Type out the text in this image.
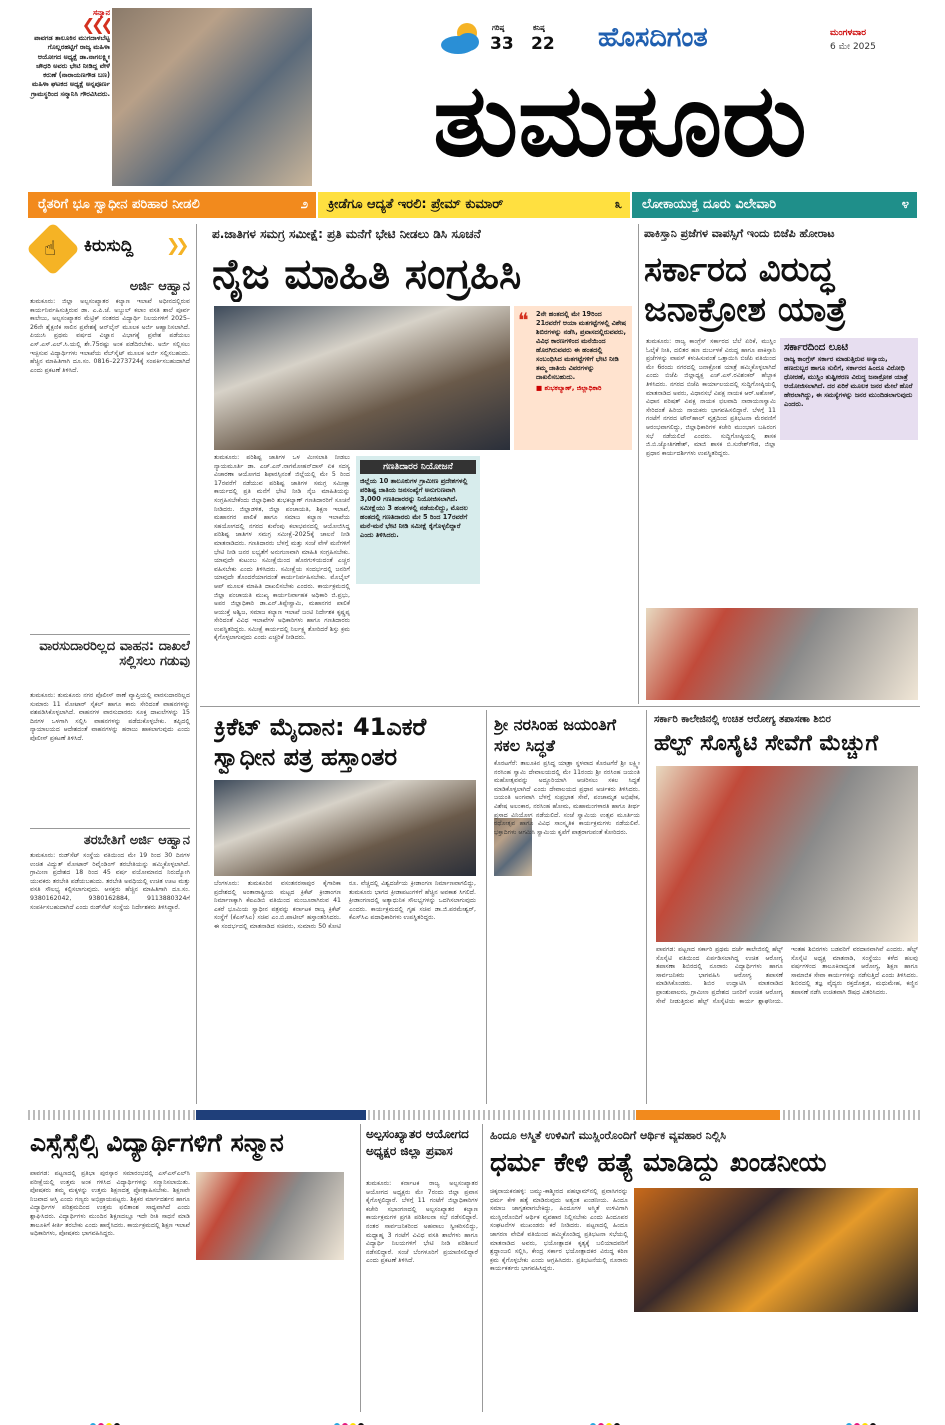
ಸನ್ಮಾನ
❮❮❮
ಪಾವಗಡ ತಾಲೂಕಿನ ಮುಗದಾಳಬೆಟ್ಟ ಗೊಲ್ಲರಹಟ್ಟಿಗೆ ರಾಜ್ಯ ಮಹಿಳಾ ಆಯೋಗದ ಅಧ್ಯಕ್ಷೆ ಡಾ.ನಾಗಲಕ್ಷ್ಮೀ ಚೌಧರಿ ಅವರು ಭೇಟಿ ನೀಡಿದ್ದ ವೇಳೆ ಕರುಣೆ (ನಾರಾಯಣಗೌಡ ಬಣ) ಮಹಿಳಾ ಘಟಕದ ಅಧ್ಯಕ್ಷೆ ಅನ್ನಪೂರ್ಣ ಗ್ರಾಮಸ್ಥರಿಂದ ಸನ್ಮಾನಿಸಿ ಗೌರವಿಸಿದರು.
ಗರಿಷ್ಠ
33
ಕನಿಷ್ಠ
22 ಹೊಸದಿಗಂತ	ಮಂಗಳವಾರ
6 ಮೇ 2025
ತುಮಕೂರು
ರೈತರಿಗೆ ಭೂ ಸ್ವಾಧೀನ ಪರಿಹಾರ ನೀಡಲಿ	೨	ಕ್ರೀಡೆಗೂ ಆದ್ಯತೆ ಇರಲಿ: ಪ್ರೇಮ್ ಕುಮಾರ್	೩	ಲೋಕಾಯುಕ್ತ ದೂರು ವಿಲೇವಾರಿ	೪
☝ ಕಿರುಸುದ್ದಿ ❯❯
ಅರ್ಜಿ ಆಹ್ವಾನ
ತುಮಕೂರು: ಜಿಲ್ಲಾ ಅಲ್ಪಸಂಖ್ಯಾತರ ಕಲ್ಯಾಣ ಇಲಾಖೆ ಅಧೀನದಲ್ಲಿರುವ ಕಾರ್ಯನಿರ್ವಹಿಸುತ್ತಿರುವ ಡಾ. ಎ.ಪಿ.ಜೆ. ಅಬ್ದುಲ್ ಕಲಾಂ ವಸತಿ ಶಾಲೆ ಪೂರ್ವ ಕಾಲೇಜು, ಅಲ್ಪಸಂಖ್ಯಾತರ ಮೆಟ್ರಿಕ್ ನಂತರದ ವಿದ್ಯಾರ್ಥಿ ನಿಲಯಗಳಿಗೆ 2025–26ನೇ ಶೈಕ್ಷಣಿಕ ಸಾಲಿನ ಪ್ರವೇಶಕ್ಕೆ ಆನ್‌ಲೈನ್ ಮೂಲಕ ಅರ್ಜಿ ಆಹ್ವಾನಿಸಲಾಗಿದೆ. ಪಿಯುಸಿ ಪ್ರಥಮ ವರ್ಷದ ವಿಜ್ಞಾನ ವಿಭಾಗಕ್ಕೆ ಪ್ರವೇಶ ಪಡೆಯಲು ಎಸ್.ಎಸ್.ಎಲ್.ಸಿ.ಯಲ್ಲಿ ಶೇ.75ರಷ್ಟು ಅಂಕ ಪಡೆದಿರಬೇಕು. ಅರ್ಜಿ ಸಲ್ಲಿಸಲು ಇಚ್ಛಿಸುವ ವಿದ್ಯಾರ್ಥಿಗಳು ಇಲಾಖೆಯ ವೆಬ್‌ಸೈಟ್ ಮೂಲಕ ಅರ್ಜಿ ಸಲ್ಲಿಸಬಹುದು. ಹೆಚ್ಚಿನ ಮಾಹಿತಿಗಾಗಿ ದೂ.ಸಂ. 0816–2273724ಕ್ಕೆ ಸಂಪರ್ಕಿಸಬಹುದಾಗಿದೆ ಎಂದು ಪ್ರಕಟಣೆ ತಿಳಿಸಿದೆ.
ವಾರಸುದಾರರಿಲ್ಲದ ವಾಹನ: ದಾಖಲೆ ಸಲ್ಲಿಸಲು ಗಡುವು
ತುಮಕೂರು: ತುಮಕೂರು ನಗರ ಪೊಲೀಸ್ ಠಾಣೆ ವ್ಯಾಪ್ತಿಯಲ್ಲಿ ವಾರಸುದಾರರಿಲ್ಲದ ಸುಮಾರು 11 ಮೋಟಾರ್ ಸೈಕಲ್ ಹಾಗೂ ಕಾರು ಸೇರಿದಂತೆ ವಾಹನಗಳನ್ನು ವಶಪಡಿಸಿಕೊಳ್ಳಲಾಗಿದೆ. ವಾಹನಗಳ ವಾರಸುದಾರರು ಸೂಕ್ತ ದಾಖಲೆಗಳನ್ನು 15 ದಿನಗಳ ಒಳಗಾಗಿ ಸಲ್ಲಿಸಿ ವಾಹನಗಳನ್ನು ಪಡೆದುಕೊಳ್ಳಬೇಕು. ತಪ್ಪಿದಲ್ಲಿ ನ್ಯಾಯಾಲಯದ ಆದೇಶದಂತೆ ವಾಹನಗಳನ್ನು ಹರಾಜು ಹಾಕಲಾಗುವುದು ಎಂದು ಪೊಲೀಸ್ ಪ್ರಕಟಣೆ ತಿಳಿಸಿದೆ.
ತರಬೇತಿಗೆ ಅರ್ಜಿ ಆಹ್ವಾನ
ತುಮಕೂರು: ರುಡ್‌ಸೆಟ್ ಸಂಸ್ಥೆಯ ವತಿಯಿಂದ ಮೇ 19 ರಿಂದ 30 ದಿನಗಳ ಉಚಿತ ವಿದ್ಯುತ್ ಮೋಟಾರ್ ರಿವೈಂಡಿಂಗ್ ತರಬೇತಿಯನ್ನು ಹಮ್ಮಿಕೊಳ್ಳಲಾಗಿದೆ. ಗ್ರಾಮೀಣ ಪ್ರದೇಶದ 18 ರಿಂದ 45 ವರ್ಷ ವಯೋಮಾನದ ನಿರುದ್ಯೋಗಿ ಯುವಕರು ತರಬೇತಿ ಪಡೆಯಬಹುದು. ತರಬೇತಿ ಅವಧಿಯಲ್ಲಿ ಉಚಿತ ಊಟ ಮತ್ತು ವಸತಿ ಸೌಲಭ್ಯ ಕಲ್ಪಿಸಲಾಗುವುದು. ಆಸಕ್ತರು ಹೆಚ್ಚಿನ ಮಾಹಿತಿಗಾಗಿ ದೂ.ಸಂ. 9380162042, 9380162884, 9113880324ಗೆ ಸಂಪರ್ಕಿಸಬಹುದಾಗಿದೆ ಎಂದು ರುಡ್‌ಸೆಟ್ ಸಂಸ್ಥೆಯ ನಿರ್ದೇಶಕರು ತಿಳಿಸಿದ್ದಾರೆ.
ಪ.ಜಾತಿಗಳ ಸಮಗ್ರ ಸಮೀಕ್ಷೆ: ಪ್ರತಿ ಮನೆಗೆ ಭೇಟಿ ನೀಡಲು ಡಿಸಿ ಸೂಚನೆ
ನೈಜ ಮಾಹಿತಿ ಸಂಗ್ರಹಿಸಿ
❝ 2ನೇ ಹಂತದಲ್ಲಿ ಮೇ 19ರಿಂದ 21ರವರೆಗೆ ಆಯಾ ಮತಗಟ್ಟೆಗಳಲ್ಲಿ ವಿಶೇಷ ಶಿಬಿರಗಳನ್ನು ನಡೆಸಿ, ಪ್ರವಾಸದಲ್ಲಿರುವವರು, ವಿವಿಧ ಕಾರಣಗಳಿಂದ ಮನೆಯಿಂದ ಹೊರಗಿರುವವರು ಈ ಹಂತದಲ್ಲಿ ಸಂಬಂಧಿಸಿದ ಮತಗಟ್ಟೆಗಳಿಗೆ ಭೇಟಿ ನೀಡಿ ತಮ್ಮ ಜಾತಿಯ ವಿವರಗಳನ್ನು ದಾಖಲಿಸಬಹುದು.
■ ಶುಭಕಲ್ಯಾಣ್, ಜಿಲ್ಲಾಧಿಕಾರಿ
ತುಮಕೂರು: ಪರಿಶಿಷ್ಟ ಜಾತಿಗಳ ಒಳ ಮೀಸಲಾತಿ ನೀಡಲು ನ್ಯಾಯಮೂರ್ತಿ ಡಾ. ಎಚ್.ಎನ್.ನಾಗಮೋಹನ್‌ದಾಸ್ ಏಕ ಸದಸ್ಯ ವಿಚಾರಣಾ ಆಯೋಗದ ಶಿಫಾರಸ್ಸಿನಂತೆ ಜಿಲ್ಲೆಯಲ್ಲಿ ಮೇ 5 ರಿಂದ 17ರವರೆಗೆ ನಡೆಯುವ ಪರಿಶಿಷ್ಟ ಜಾತಿಗಳ ಸಮಗ್ರ ಸಮೀಕ್ಷಾ ಕಾರ್ಯದಲ್ಲಿ ಪ್ರತಿ ಮನೆಗೆ ಭೇಟಿ ನೀಡಿ ನೈಜ ಮಾಹಿತಿಯನ್ನು ಸಂಗ್ರಹಿಸಬೇಕೆಂದು ಜಿಲ್ಲಾಧಿಕಾರಿ ಶುಭಕಲ್ಯಾಣ್ ಗಣತಿದಾರರಿಗೆ ಸೂಚನೆ ನೀಡಿದರು. ಜಿಲ್ಲಾಡಳಿತ, ಜಿಲ್ಲಾ ಪಂಚಾಯತಿ, ಶಿಕ್ಷಣ ಇಲಾಖೆ, ಮಹಾನಗರ ಪಾಲಿಕೆ ಹಾಗೂ ಸಮಾಜ ಕಲ್ಯಾಣ ಇಲಾಖೆಯ ಸಹಯೋಗದಲ್ಲಿ ನಗರದ ಕುವೆಂಪು ಕಲಾಭವನದಲ್ಲಿ ಆಯೋಜಿಸಿದ್ದ ಪರಿಶಿಷ್ಟ ಜಾತಿಗಳ ಸಮಗ್ರ ಸಮೀಕ್ಷೆ-2025ಕ್ಕೆ ಚಾಲನೆ ನೀಡಿ ಮಾತನಾಡಿದರು. ಗಣತಿದಾರರು ಬೆಳಗ್ಗೆ ಮತ್ತು ಸಂಜೆ ವೇಳೆ ಮನೆಗಳಿಗೆ ಭೇಟಿ ನೀಡಿ ಜನರ ಲಭ್ಯತೆಗೆ ಅನುಗುಣವಾಗಿ ಮಾಹಿತಿ ಸಂಗ್ರಹಿಸಬೇಕು. ಯಾವುದೇ ಕುಟುಂಬ ಸಮೀಕ್ಷೆಯಿಂದ ಹೊರಗುಳಿಯದಂತೆ ಎಚ್ಚರ ವಹಿಸಬೇಕು ಎಂದು ತಿಳಿಸಿದರು. ಸಮೀಕ್ಷೆಯ ಸಂದರ್ಭದಲ್ಲಿ ಜನರಿಗೆ ಯಾವುದೇ ತೊಂದರೆಯಾಗದಂತೆ ಕಾರ್ಯನಿರ್ವಹಿಸಬೇಕು. ಮೊಬೈಲ್ ಆಪ್ ಮೂಲಕ ಮಾಹಿತಿ ದಾಖಲಿಸಬೇಕು ಎಂದರು. ಕಾರ್ಯಕ್ರಮದಲ್ಲಿ ಜಿಲ್ಲಾ ಪಂಚಾಯತಿ ಮುಖ್ಯ ಕಾರ್ಯನಿರ್ವಾಹಕ ಅಧಿಕಾರಿ ಜಿ.ಪ್ರಭು, ಅಪರ ಜಿಲ್ಲಾಧಿಕಾರಿ ಡಾ.ಎನ್.ತಿಪ್ಪೇಸ್ವಾಮಿ, ಮಹಾನಗರ ಪಾಲಿಕೆ ಆಯುಕ್ತೆ ಅಶ್ವಿಜ, ಸಮಾಜ ಕಲ್ಯಾಣ ಇಲಾಖೆ ಜಂಟಿ ನಿರ್ದೇಶಕ ಕೃಷ್ಣಪ್ಪ ಸೇರಿದಂತೆ ವಿವಿಧ ಇಲಾಖೆಗಳ ಅಧಿಕಾರಿಗಳು ಹಾಗೂ ಗಣತಿದಾರರು ಉಪಸ್ಥಿತರಿದ್ದರು. ಸಮೀಕ್ಷೆ ಕಾರ್ಯದಲ್ಲಿ ನಿರ್ಲಕ್ಷ್ಯ ತೋರಿದರೆ ಶಿಸ್ತು ಕ್ರಮ ಕೈಗೊಳ್ಳಲಾಗುವುದು ಎಂದು ಎಚ್ಚರಿಕೆ ನೀಡಿದರು.
ಗಣತಿದಾರರ ನಿಯೋಜನೆ
ಜಿಲ್ಲೆಯ 10 ತಾಲೂಕುಗಳ ಗ್ರಾಮೀಣ ಪ್ರದೇಶಗಳಲ್ಲಿ ಪರಿಶಿಷ್ಟ ಜಾತಿಯ ಜನಸಂಖ್ಯೆಗೆ ಅನುಗುಣವಾಗಿ 3,000 ಗಣತಿದಾರರನ್ನು ನಿಯೋಜಿಸಲಾಗಿದೆ. ಸಮೀಕ್ಷೆಯು 3 ಹಂತಗಳಲ್ಲಿ ನಡೆಯಲಿದ್ದು, ಮೊದಲ ಹಂತದಲ್ಲಿ ಗಣತಿದಾರರು ಮೇ 5 ರಿಂದ 17ರವರೆಗೆ ಮನೆ-ಮನೆ ಭೇಟಿ ನೀಡಿ ಸಮೀಕ್ಷೆ ಕೈಗೊಳ್ಳಲಿದ್ದಾರೆ ಎಂದು ತಿಳಿಸಿದರು.
ಪಾಕಿಸ್ತಾನಿ ಪ್ರಜೆಗಳ ವಾಪಸ್ಸಿಗೆ ಇಂದು ಬಿಜೆಪಿ ಹೋರಾಟ
ಸರ್ಕಾರದ ವಿರುದ್ಧ ಜನಾಕ್ರೋಶ ಯಾತ್ರೆ
ತುಮಕೂರು: ರಾಜ್ಯ ಕಾಂಗ್ರೆಸ್ ಸರ್ಕಾರದ ಬೆಲೆ ಏರಿಕೆ, ಮುಸ್ಲಿಂ ಓಲೈಕೆ ನೀತಿ, ದಲಿತರ ಹಣ ದುರ್ಬಳಕೆ ವಿರುದ್ಧ ಹಾಗೂ ಪಾಕಿಸ್ತಾನಿ ಪ್ರಜೆಗಳನ್ನು ವಾಪಸ್ ಕಳುಹಿಸುವಂತೆ ಒತ್ತಾಯಿಸಿ ಬಿಜೆಪಿ ವತಿಯಿಂದ ಮೇ 6ರಂದು ನಗರದಲ್ಲಿ ಜನಾಕ್ರೋಶ ಯಾತ್ರೆ ಹಮ್ಮಿಕೊಳ್ಳಲಾಗಿದೆ ಎಂದು ಬಿಜೆಪಿ ಜಿಲ್ಲಾಧ್ಯಕ್ಷ ಎಚ್.ಎಸ್.ರವಿಶಂಕರ್ ಹೆಬ್ಬಾಕ ತಿಳಿಸಿದರು. ನಗರದ ಬಿಜೆಪಿ ಕಾರ್ಯಾಲಯದಲ್ಲಿ ಸುದ್ದಿಗೋಷ್ಠಿಯಲ್ಲಿ ಮಾತನಾಡಿದ ಅವರು, ವಿಧಾನಸಭೆ ವಿಪಕ್ಷ ನಾಯಕ ಆರ್.ಅಶೋಕ್, ವಿಧಾನ ಪರಿಷತ್ ವಿಪಕ್ಷ ನಾಯಕ ಛಲವಾದಿ ನಾರಾಯಣಸ್ವಾಮಿ ಸೇರಿದಂತೆ ಹಿರಿಯ ನಾಯಕರು ಭಾಗವಹಿಸಲಿದ್ದಾರೆ. ಬೆಳಗ್ಗೆ 11 ಗಂಟೆಗೆ ನಗರದ ಟೌನ್‌ಹಾಲ್ ವೃತ್ತದಿಂದ ಪ್ರತಿಭಟನಾ ಮೆರವಣಿಗೆ ಆರಂಭವಾಗಲಿದ್ದು, ಜಿಲ್ಲಾಧಿಕಾರಿಗಳ ಕಚೇರಿ ಮುಂಭಾಗ ಬಹಿರಂಗ ಸಭೆ ನಡೆಯಲಿದೆ ಎಂದರು. ಸುದ್ದಿಗೋಷ್ಠಿಯಲ್ಲಿ ಶಾಸಕ ಜಿ.ಬಿ.ಜ್ಯೋತಿಗಣೇಶ್, ಮಾಜಿ ಶಾಸಕ ಬಿ.ಸುರೇಶ್‌ಗೌಡ, ಜಿಲ್ಲಾ ಪ್ರಧಾನ ಕಾರ್ಯದರ್ಶಿಗಳು ಉಪಸ್ಥಿತರಿದ್ದರು.
ಸರ್ಕಾರದಿಂದ ಲೂಟಿ
ರಾಜ್ಯ ಕಾಂಗ್ರೆಸ್ ಸರ್ಕಾರ ಮಾಡುತ್ತಿರುವ ಅನ್ಯಾಯ, ಹಣದುಬ್ಬರ ಹಾಗೂ ಸುಲಿಗೆ, ಸರ್ಕಾರದ ಹಿಂದೂ ವಿರೋಧಿ ಧೋರಣೆ, ಮುಸ್ಲಿಂ ತುಷ್ಟೀಕರಣ ವಿರುದ್ಧ ಜನಾಕ್ರೋಶ ಯಾತ್ರೆ ಆಯೋಜಿಸಲಾಗಿದೆ. ದರ ಏರಿಕೆ ಮೂಲಕ ಜನರ ಮೇಲೆ ಹೊರೆ ಹೇರಲಾಗಿದ್ದು, ಈ ಸಮಸ್ಯೆಗಳನ್ನು ಜನರ ಮುಂದಿಡಲಾಗುವುದು ಎಂದರು.
ಕ್ರಿಕೆಟ್ ಮೈದಾನ: 41ಎಕರೆ ಸ್ವಾಧೀನ ಪತ್ರ ಹಸ್ತಾಂತರ
ಬೆಂಗಳೂರು: ತುಮಕೂರಿನ ವಸಂತನರಸಾಪುರ ಕೈಗಾರಿಕಾ ಪ್ರದೇಶದಲ್ಲಿ ಅಂತಾರಾಷ್ಟ್ರೀಯ ಮಟ್ಟದ ಕ್ರಿಕೆಟ್ ಕ್ರೀಡಾಂಗಣ ನಿರ್ಮಾಣಕ್ಕಾಗಿ ಕೆಐಎಡಿಬಿ ವತಿಯಿಂದ ಮಂಜೂರಾಗಿರುವ 41 ಎಕರೆ ಭೂಮಿಯ ಸ್ವಾಧೀನ ಪತ್ರವನ್ನು ಕರ್ನಾಟಕ ರಾಜ್ಯ ಕ್ರಿಕೆಟ್ ಸಂಸ್ಥೆಗೆ (ಕೆಎಸ್‌ಸಿಎ) ಸಚಿವ ಎಂ.ಬಿ.ಪಾಟೀಲ್ ಹಸ್ತಾಂತರಿಸಿದರು. ಈ ಸಂದರ್ಭದಲ್ಲಿ ಮಾತನಾಡಿದ ಸಚಿವರು, ಸುಮಾರು 50 ಕೋಟಿ ರೂ. ವೆಚ್ಚದಲ್ಲಿ ವಿಶ್ವದರ್ಜೆಯ ಕ್ರೀಡಾಂಗಣ ನಿರ್ಮಾಣವಾಗಲಿದ್ದು, ತುಮಕೂರು ಭಾಗದ ಕ್ರೀಡಾಪಟುಗಳಿಗೆ ಹೆಚ್ಚಿನ ಅವಕಾಶ ಸಿಗಲಿದೆ. ಕ್ರೀಡಾಂಗಣದಲ್ಲಿ ಅತ್ಯಾಧುನಿಕ ಸೌಲಭ್ಯಗಳನ್ನು ಒದಗಿಸಲಾಗುವುದು ಎಂದರು. ಕಾರ್ಯಕ್ರಮದಲ್ಲಿ ಗೃಹ ಸಚಿವ ಡಾ.ಜಿ.ಪರಮೇಶ್ವರ್, ಕೆಎಸ್‌ಸಿಎ ಪದಾಧಿಕಾರಿಗಳು ಉಪಸ್ಥಿತರಿದ್ದರು.
ಶ್ರೀ ನರಸಿಂಹ ಜಯಂತಿಗೆ ಸಕಲ ಸಿದ್ಧತೆ
ಕೊರಟಗೆರೆ: ತಾಲೂಕಿನ ಪ್ರಸಿದ್ಧ ಯಾತ್ರಾ ಸ್ಥಳವಾದ ಕೊರಟಗೆರೆ ಶ್ರೀ ಲಕ್ಷ್ಮೀ ನರಸಿಂಹ ಸ್ವಾಮಿ ದೇವಾಲಯದಲ್ಲಿ ಮೇ 11ರಂದು ಶ್ರೀ ನರಸಿಂಹ ಜಯಂತಿ ಮಹೋತ್ಸವವನ್ನು ಅದ್ದೂರಿಯಾಗಿ ಆಚರಿಸಲು ಸಕಲ ಸಿದ್ಧತೆ ಮಾಡಿಕೊಳ್ಳಲಾಗಿದೆ ಎಂದು ದೇವಾಲಯದ ಪ್ರಧಾನ ಅರ್ಚಕರು ತಿಳಿಸಿದರು. ಜಯಂತಿ ಅಂಗವಾಗಿ ಬೆಳಗ್ಗೆ ಸುಪ್ರಭಾತ ಸೇವೆ, ಪಂಚಾಮೃತ ಅಭಿಷೇಕ, ವಿಶೇಷ ಅಲಂಕಾರ, ನರಸಿಂಹ ಹೋಮ, ಮಹಾಮಂಗಳಾರತಿ ಹಾಗೂ ತೀರ್ಥ ಪ್ರಸಾದ ವಿನಿಯೋಗ ನಡೆಯಲಿದೆ. ಸಂಜೆ ಸ್ವಾಮಿಯ ಉತ್ಸವ ಮೂರ್ತಿಯ ರಥೋತ್ಸವ ಹಾಗೂ ವಿವಿಧ ಸಾಂಸ್ಕೃತಿಕ ಕಾರ್ಯಕ್ರಮಗಳು ನಡೆಯಲಿವೆ. ಭಕ್ತಾದಿಗಳು ಆಗಮಿಸಿ ಸ್ವಾಮಿಯ ಕೃಪೆಗೆ ಪಾತ್ರರಾಗುವಂತೆ ಕೋರಿದರು.
ಸರ್ಕಾರಿ ಕಾಲೇಜಿನಲ್ಲಿ ಉಚಿತ ಆರೋಗ್ಯ ತಪಾಸಣಾ ಶಿಬಿರ
ಹೆಲ್ಪ್ ಸೊಸೈಟಿ ಸೇವೆಗೆ ಮೆಚ್ಚುಗೆ
ಪಾವಗಡ: ಪಟ್ಟಣದ ಸರ್ಕಾರಿ ಪ್ರಥಮ ದರ್ಜೆ ಕಾಲೇಜಿನಲ್ಲಿ ಹೆಲ್ಪ್ ಸೊಸೈಟಿ ವತಿಯಿಂದ ಏರ್ಪಡಿಸಲಾಗಿದ್ದ ಉಚಿತ ಆರೋಗ್ಯ ತಪಾಸಣಾ ಶಿಬಿರದಲ್ಲಿ ನೂರಾರು ವಿದ್ಯಾರ್ಥಿಗಳು ಹಾಗೂ ಸಾರ್ವಜನಿಕರು ಭಾಗವಹಿಸಿ ಆರೋಗ್ಯ ತಪಾಸಣೆ ಮಾಡಿಸಿಕೊಂಡರು. ಶಿಬಿರ ಉದ್ಘಾಟಿಸಿ ಮಾತನಾಡಿದ ಪ್ರಾಂಶುಪಾಲರು, ಗ್ರಾಮೀಣ ಪ್ರದೇಶದ ಜನರಿಗೆ ಉಚಿತ ಆರೋಗ್ಯ ಸೇವೆ ನೀಡುತ್ತಿರುವ ಹೆಲ್ಪ್ ಸೊಸೈಟಿಯ ಕಾರ್ಯ ಶ್ಲಾಘನೀಯ. ಇಂತಹ ಶಿಬಿರಗಳು ಬಡವರಿಗೆ ವರದಾನವಾಗಿವೆ ಎಂದರು. ಹೆಲ್ಪ್ ಸೊಸೈಟಿ ಅಧ್ಯಕ್ಷ ಮಾತನಾಡಿ, ಸಂಸ್ಥೆಯು ಕಳೆದ ಹಲವು ವರ್ಷಗಳಿಂದ ತಾಲೂಕಿನಾದ್ಯಂತ ಆರೋಗ್ಯ, ಶಿಕ್ಷಣ ಹಾಗೂ ಸಾಮಾಜಿಕ ಸೇವಾ ಕಾರ್ಯಗಳನ್ನು ನಡೆಸುತ್ತಿದೆ ಎಂದು ತಿಳಿಸಿದರು. ಶಿಬಿರದಲ್ಲಿ ತಜ್ಞ ವೈದ್ಯರು ರಕ್ತದೊತ್ತಡ, ಮಧುಮೇಹ, ಕಣ್ಣಿನ ತಪಾಸಣೆ ನಡೆಸಿ ಉಚಿತವಾಗಿ ಔಷಧ ವಿತರಿಸಿದರು.
ಎಸ್ಸೆಸ್ಸೆಲ್ಸಿ ವಿದ್ಯಾರ್ಥಿಗಳಿಗೆ ಸನ್ಮಾನ
ಪಾವಗಡ: ಪಟ್ಟಣದಲ್ಲಿ ಪ್ರತಿಭಾ ಪುರಸ್ಕಾರ ಸಮಾರಂಭದಲ್ಲಿ ಎಸ್‌ಎಸ್‌ಎಲ್‌ಸಿ ಪರೀಕ್ಷೆಯಲ್ಲಿ ಉತ್ತಮ ಅಂಕ ಗಳಿಸಿದ ವಿದ್ಯಾರ್ಥಿಗಳನ್ನು ಸನ್ಮಾನಿಸಲಾಯಿತು. ಪೋಷಕರು ತಮ್ಮ ಮಕ್ಕಳನ್ನು ಉತ್ತಮ ಶಿಕ್ಷಣದತ್ತ ಪ್ರೋತ್ಸಾಹಿಸಬೇಕು. ಶಿಕ್ಷಣವೇ ನಿಜವಾದ ಆಸ್ತಿ ಎಂದು ಗಣ್ಯರು ಅಭಿಪ್ರಾಯಪಟ್ಟರು. ಶಿಕ್ಷಕರ ಮಾರ್ಗದರ್ಶನ ಹಾಗೂ ವಿದ್ಯಾರ್ಥಿಗಳ ಪರಿಶ್ರಮದಿಂದ ಉತ್ತಮ ಫಲಿತಾಂಶ ಸಾಧ್ಯವಾಗಿದೆ ಎಂದು ಶ್ಲಾಘಿಸಿದರು. ವಿದ್ಯಾರ್ಥಿಗಳು ಮುಂದಿನ ಶಿಕ್ಷಣದಲ್ಲೂ ಇದೇ ರೀತಿ ಸಾಧನೆ ಮಾಡಿ ತಾಲೂಕಿಗೆ ಕೀರ್ತಿ ತರಬೇಕು ಎಂದು ಹಾರೈಸಿದರು. ಕಾರ್ಯಕ್ರಮದಲ್ಲಿ ಶಿಕ್ಷಣ ಇಲಾಖೆ ಅಧಿಕಾರಿಗಳು, ಪೋಷಕರು ಭಾಗವಹಿಸಿದ್ದರು.
ಅಲ್ಪಸಂಖ್ಯಾತರ ಆಯೋಗದ ಅಧ್ಯಕ್ಷರ ಜಿಲ್ಲಾ ಪ್ರವಾಸ
ತುಮಕೂರು: ಕರ್ನಾಟಕ ರಾಜ್ಯ ಅಲ್ಪಸಂಖ್ಯಾತರ ಆಯೋಗದ ಅಧ್ಯಕ್ಷರು ಮೇ 7ರಂದು ಜಿಲ್ಲಾ ಪ್ರವಾಸ ಕೈಗೊಳ್ಳಲಿದ್ದಾರೆ. ಬೆಳಗ್ಗೆ 11 ಗಂಟೆಗೆ ಜಿಲ್ಲಾಧಿಕಾರಿಗಳ ಕಚೇರಿ ಸಭಾಂಗಣದಲ್ಲಿ ಅಲ್ಪಸಂಖ್ಯಾತರ ಕಲ್ಯಾಣ ಕಾರ್ಯಕ್ರಮಗಳ ಪ್ರಗತಿ ಪರಿಶೀಲನಾ ಸಭೆ ನಡೆಸಲಿದ್ದಾರೆ. ನಂತರ ಸಾರ್ವಜನಿಕರಿಂದ ಅಹವಾಲು ಸ್ವೀಕರಿಸಲಿದ್ದು, ಮಧ್ಯಾಹ್ನ 3 ಗಂಟೆಗೆ ವಿವಿಧ ವಸತಿ ಶಾಲೆಗಳು ಹಾಗೂ ವಿದ್ಯಾರ್ಥಿ ನಿಲಯಗಳಿಗೆ ಭೇಟಿ ನೀಡಿ ಪರಿಶೀಲನೆ ನಡೆಸಲಿದ್ದಾರೆ. ಸಂಜೆ ಬೆಂಗಳೂರಿಗೆ ಪ್ರಯಾಣಿಸಲಿದ್ದಾರೆ ಎಂದು ಪ್ರಕಟಣೆ ತಿಳಿಸಿದೆ.
ಹಿಂದೂ ಅಸ್ಮಿತೆ ಉಳಿವಿಗೆ ಮುಸ್ಲಿಂರೊಂದಿಗೆ ಆರ್ಥಿಕ ವ್ಯವಹಾರ ನಿಲ್ಲಿಸಿ
ಧರ್ಮ ಕೇಳಿ ಹತ್ಯೆ ಮಾಡಿದ್ದು ಖಂಡನೀಯ
ಚಿಕ್ಕನಾಯಕನಹಳ್ಳಿ: ಜಮ್ಮು-ಕಾಶ್ಮೀರದ ಪಹಲ್ಗಾಮ್‌ನಲ್ಲಿ ಪ್ರವಾಸಿಗರನ್ನು ಧರ್ಮ ಕೇಳಿ ಹತ್ಯೆ ಮಾಡಿರುವುದು ಅತ್ಯಂತ ಖಂಡನೀಯ. ಹಿಂದೂ ಸಮಾಜ ಜಾಗೃತವಾಗಬೇಕಿದ್ದು, ಹಿಂದೂಗಳ ಅಸ್ಮಿತೆ ಉಳಿವಿಗಾಗಿ ಮುಸ್ಲಿಂರೊಂದಿಗೆ ಆರ್ಥಿಕ ವ್ಯವಹಾರ ನಿಲ್ಲಿಸಬೇಕು ಎಂದು ಹಿಂದೂಪರ ಸಂಘಟನೆಗಳ ಮುಖಂಡರು ಕರೆ ನೀಡಿದರು. ಪಟ್ಟಣದಲ್ಲಿ ಹಿಂದೂ ಜಾಗರಣ ವೇದಿಕೆ ವತಿಯಿಂದ ಹಮ್ಮಿಕೊಂಡಿದ್ದ ಪ್ರತಿಭಟನಾ ಸಭೆಯಲ್ಲಿ ಮಾತನಾಡಿದ ಅವರು, ಭಯೋತ್ಪಾದಕ ಕೃತ್ಯಕ್ಕೆ ಬಲಿಯಾದವರಿಗೆ ಶ್ರದ್ಧಾಂಜಲಿ ಸಲ್ಲಿಸಿ, ಕೇಂದ್ರ ಸರ್ಕಾರ ಭಯೋತ್ಪಾದಕರ ವಿರುದ್ಧ ಕಠಿಣ ಕ್ರಮ ಕೈಗೊಳ್ಳಬೇಕು ಎಂದು ಆಗ್ರಹಿಸಿದರು. ಪ್ರತಿಭಟನೆಯಲ್ಲಿ ನೂರಾರು ಕಾರ್ಯಕರ್ತರು ಭಾಗವಹಿಸಿದ್ದರು.
